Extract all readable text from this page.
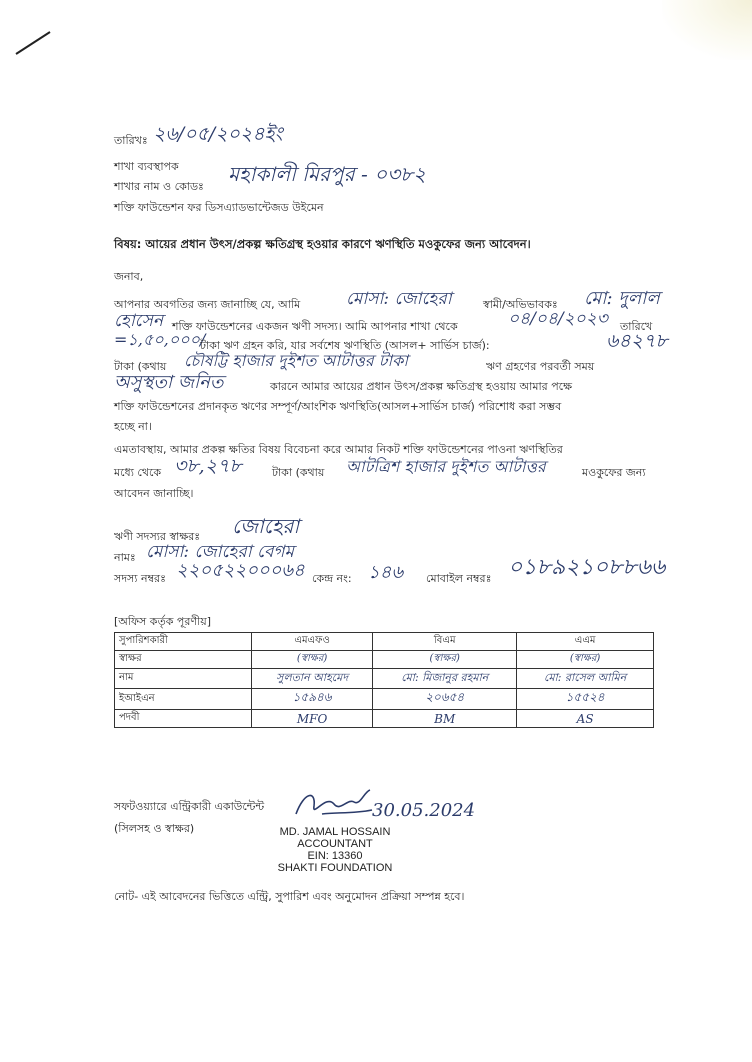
তারিখঃ ২৬/০৫/২০২৪ইং
শাখা ব্যবস্থাপক
শাখার নাম ও কোডঃ
মহাকালী মিরপুর - ০৩৮২
শক্তি ফাউন্ডেশন ফর ডিসএ্যাডভান্টেজড উইমেন
বিষয়: আয়ের প্রধান উৎস/প্রকল্প ক্ষতিগ্রস্থ হওয়ার কারণে ঋণস্থিতি মওকুফের জন্য আবেদন।
জনাব,
আপনার অবগতির জন্য জানাচ্ছি যে, আমি	মোসা: জোহেরা	স্বামী/অভিভাবকঃ মো: দুলাল
হোসেন শক্তি ফাউন্ডেশনের একজন ঋণী সদস্য। আমি আপনার শাখা থেকে	০৪/০৪/২০২৩ তারিখে
=১,৫০,০০০/
টাকা ঋণ গ্রহন করি, যার সর্বশেষ ঋণস্থিতি (আসল+ সার্ভিস চার্জ):	৬৪২৭৮
টাকা (কথায় চৌষট্টি হাজার দুইশত আটাত্তর টাকা	ঋণ গ্রহণের পরবর্তী সময়
অসুস্থতা জনিত	কারনে আমার আয়ের প্রধান উৎস/প্রকল্প ক্ষতিগ্রস্থ হওয়ায় আমার পক্ষে
শক্তি ফাউন্ডেশনের প্রদানকৃত ঋণের সম্পূর্ণ/আংশিক ঋণস্থিতি(আসল+সার্ভিস চার্জ) পরিশোধ করা সম্ভব
হচ্ছে না।
এমতাবস্থায়, আমার প্রকল্প ক্ষতির বিষয় বিবেচনা করে আমার নিকট শক্তি ফাউন্ডেশনের পাওনা ঋণস্থিতির
মধ্যে থেকে ৩৮,২৭৮	টাকা (কথায় আটত্রিশ হাজার দুইশত আটাত্তর	মওকুফের জন্য
আবেদন জানাচ্ছি।
ঋণী সদস্যর স্বাক্ষরঃ জোহেরা
নামঃ মোসা: জোহেরা বেগম
সদস্য নম্বরঃ ২২০৫২২০০০৬৪ কেন্দ্র নং: ১৪৬ মোবাইল নম্বরঃ ০১৮৯২১০৮৮৬৬
[অফিস কর্তৃক পূরণীয়]
সুপারিশকারী	এমএফও	বিএম	এএম
স্বাক্ষর	(স্বাক্ষর)	(স্বাক্ষর)	(স্বাক্ষর)
নাম	সুলতান আহমেদ	মো: মিজানুর রহমান	মো: রাসেল আমিন
ইআইএন	১৫৯৪৬	২০৬৫৪	১৫৫২৪
পদবী	MFO	BM	AS
সফটওয়্যারে এন্ট্রিকারী একাউন্টেন্ট
(সিলসহ ও স্বাক্ষর)
30.05.2024
MD. JAMAL HOSSAIN
ACCOUNTANT
EIN: 13360
SHAKTI FOUNDATION
নোট- এই আবেদনের ভিত্তিতে এন্ট্রি, সুপারিশ এবং অনুমোদন প্রক্রিয়া সম্পন্ন হবে।
